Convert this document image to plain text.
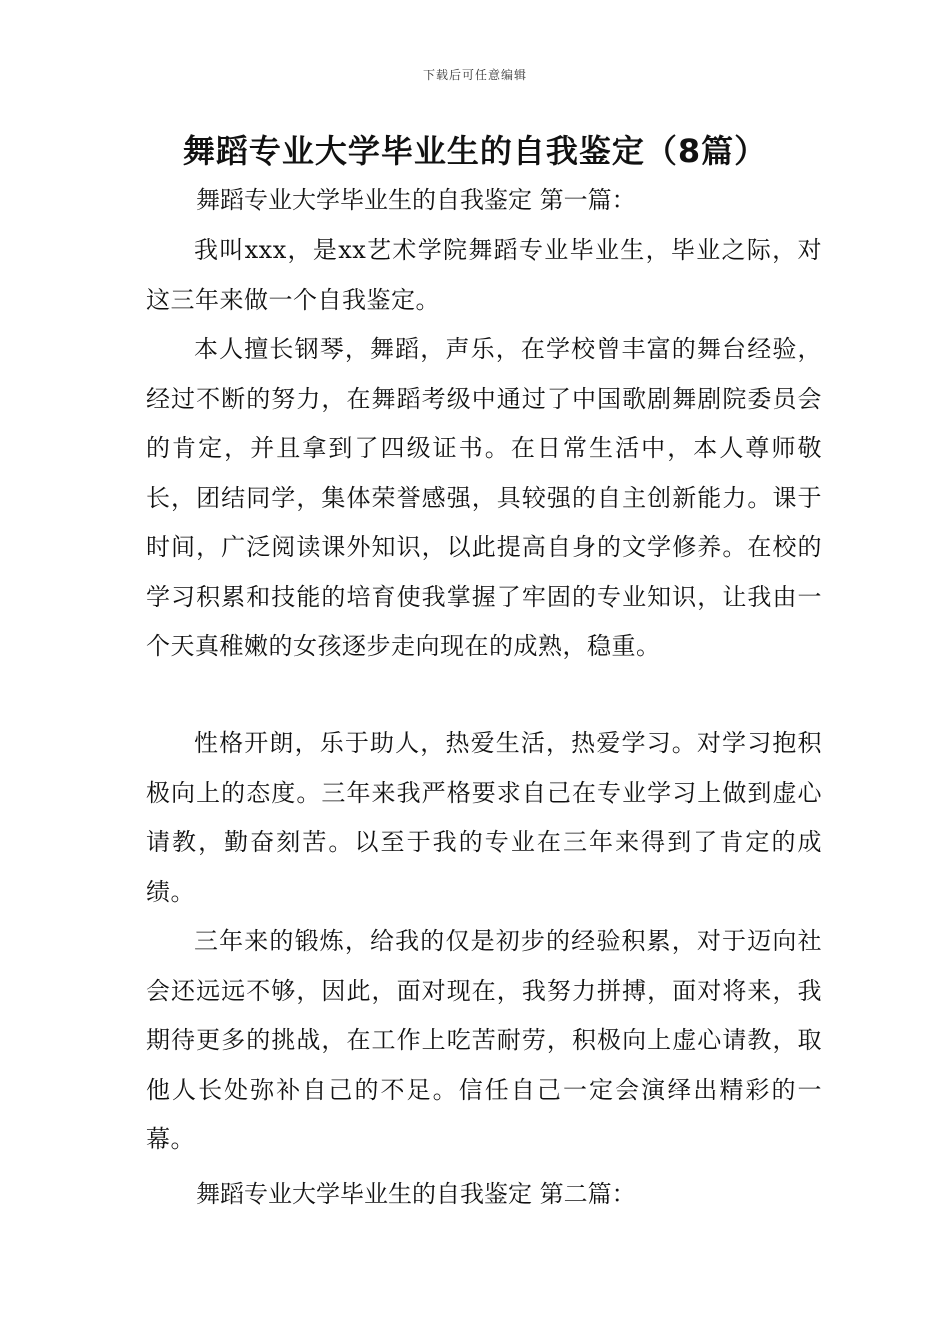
下载后可任意编辑
舞蹈专业大学毕业生的自我鉴定（8篇）
舞蹈专业大学毕业生的自我鉴定 第一篇：

我叫xxx，是xx艺术学院舞蹈专业毕业生，毕业之际，对这三年来做一个自我鉴定。

本人擅长钢琴，舞蹈，声乐，在学校曾丰富的舞台经验，经过不断的努力，在舞蹈考级中通过了中国歌剧舞剧院委员会的肯定，并且拿到了四级证书。在日常生活中，本人尊师敬长，团结同学，集体荣誉感强，具较强的自主创新能力。课于时间，广泛阅读课外知识，以此提高自身的文学修养。在校的学习积累和技能的培育使我掌握了牢固的专业知识，让我由一个天真稚嫩的女孩逐步走向现在的成熟，稳重。

性格开朗，乐于助人，热爱生活，热爱学习。对学习抱积极向上的态度。三年来我严格要求自己在专业学习上做到虚心请教，勤奋刻苦。以至于我的专业在三年来得到了肯定的成绩。

三年来的锻炼，给我的仅是初步的经验积累，对于迈向社会还远远不够，因此，面对现在，我努力拼搏，面对将来，我期待更多的挑战，在工作上吃苦耐劳，积极向上虚心请教，取他人长处弥补自己的不足。信任自己一定会演绎出精彩的一幕。

舞蹈专业大学毕业生的自我鉴定 第二篇：
